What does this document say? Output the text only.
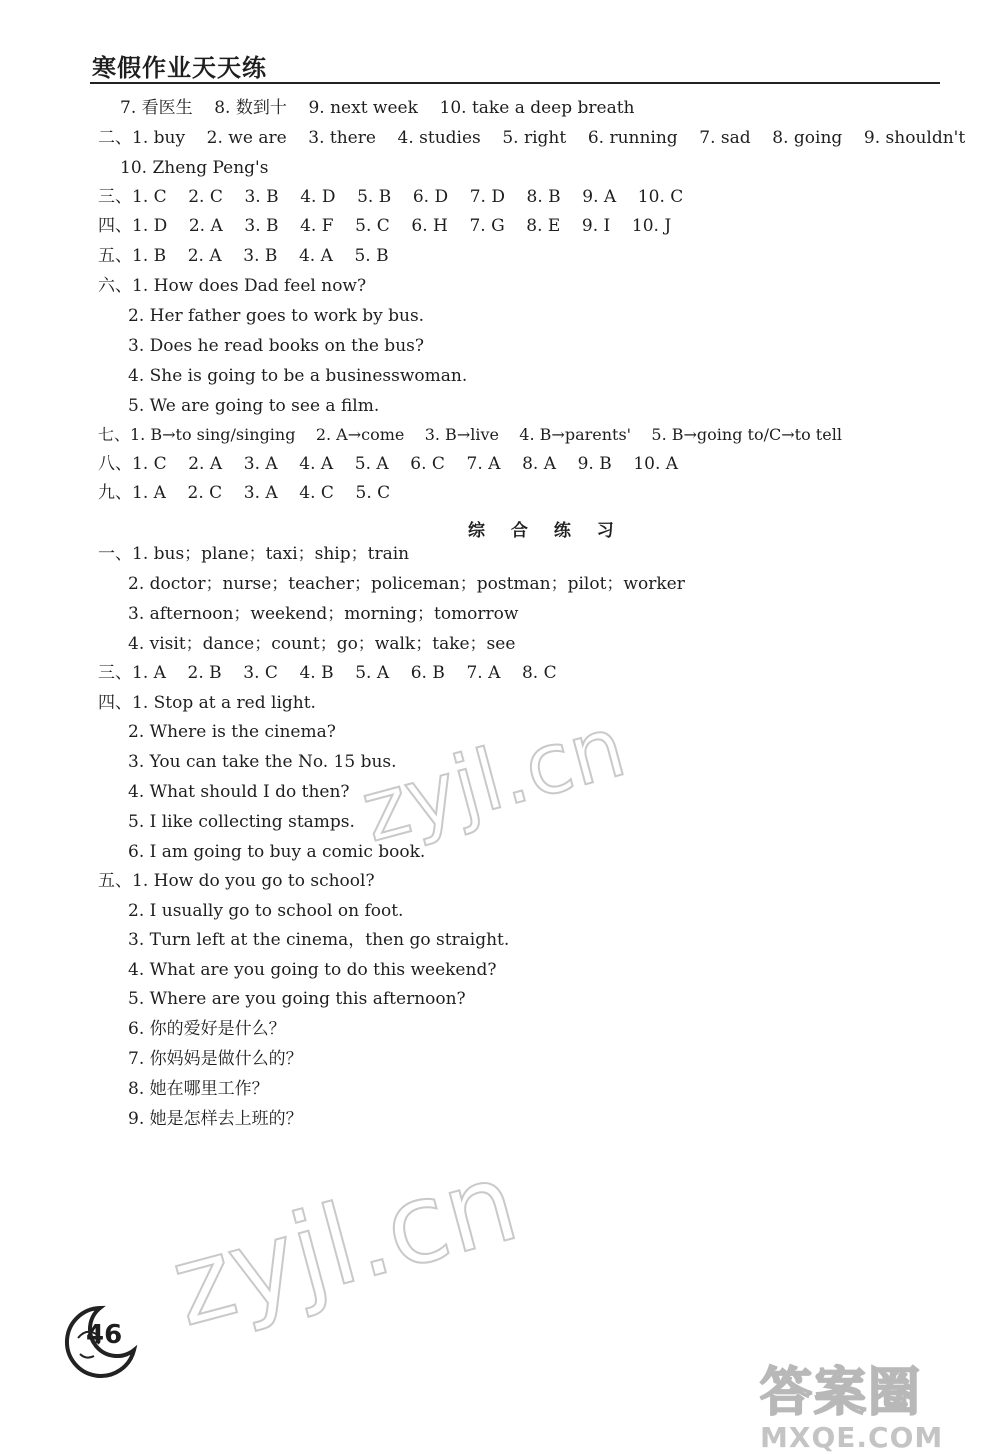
寒假作业天天练
7. 看医生    8. 数到十    9. next week    10. take a deep breath
二、1. buy    2. we are    3. there    4. studies    5. right    6. running    7. sad    8. going    9. shouldn't
10. Zheng Peng's
三、1. C    2. C    3. B    4. D    5. B    6. D    7. D    8. B    9. A    10. C
四、1. D    2. A    3. B    4. F    5. C    6. H    7. G    8. E    9. I    10. J
五、1. B    2. A    3. B    4. A    5. B
六、1. How does Dad feel now?
2. Her father goes to work by bus.
3. Does he read books on the bus?
4. She is going to be a businesswoman.
5. We are going to see a film.
七、1. B→to sing/singing    2. A→come    3. B→live    4. B→parents'    5. B→going to/C→to tell
八、1. C    2. A    3. A    4. A    5. A    6. C    7. A    8. A    9. B    10. A
九、1. A    2. C    3. A    4. C    5. C
综 合 练 习
一、1. bus；plane；taxi；ship；train
2. doctor；nurse；teacher；policeman；postman；pilot；worker
3. afternoon；weekend；morning；tomorrow
4. visit；dance；count；go；walk；take；see
三、1. A    2. B    3. C    4. B    5. A    6. B    7. A    8. C
四、1. Stop at a red light.
2. Where is the cinema?
3. You can take the No. 15 bus.
4. What should I do then?
5. I like collecting stamps.
6. I am going to buy a comic book.
五、1. How do you go to school?
2. I usually go to school on foot.
3. Turn left at the cinema，then go straight.
4. What are you going to do this weekend?
5. Where are you going this afternoon?
6. 你的爱好是什么？
7. 你妈妈是做什么的？
8. 她在哪里工作？
9. 她是怎样去上班的？
zyjl.cn
zyjl.cn
46
答案圈
MXQE.COM
